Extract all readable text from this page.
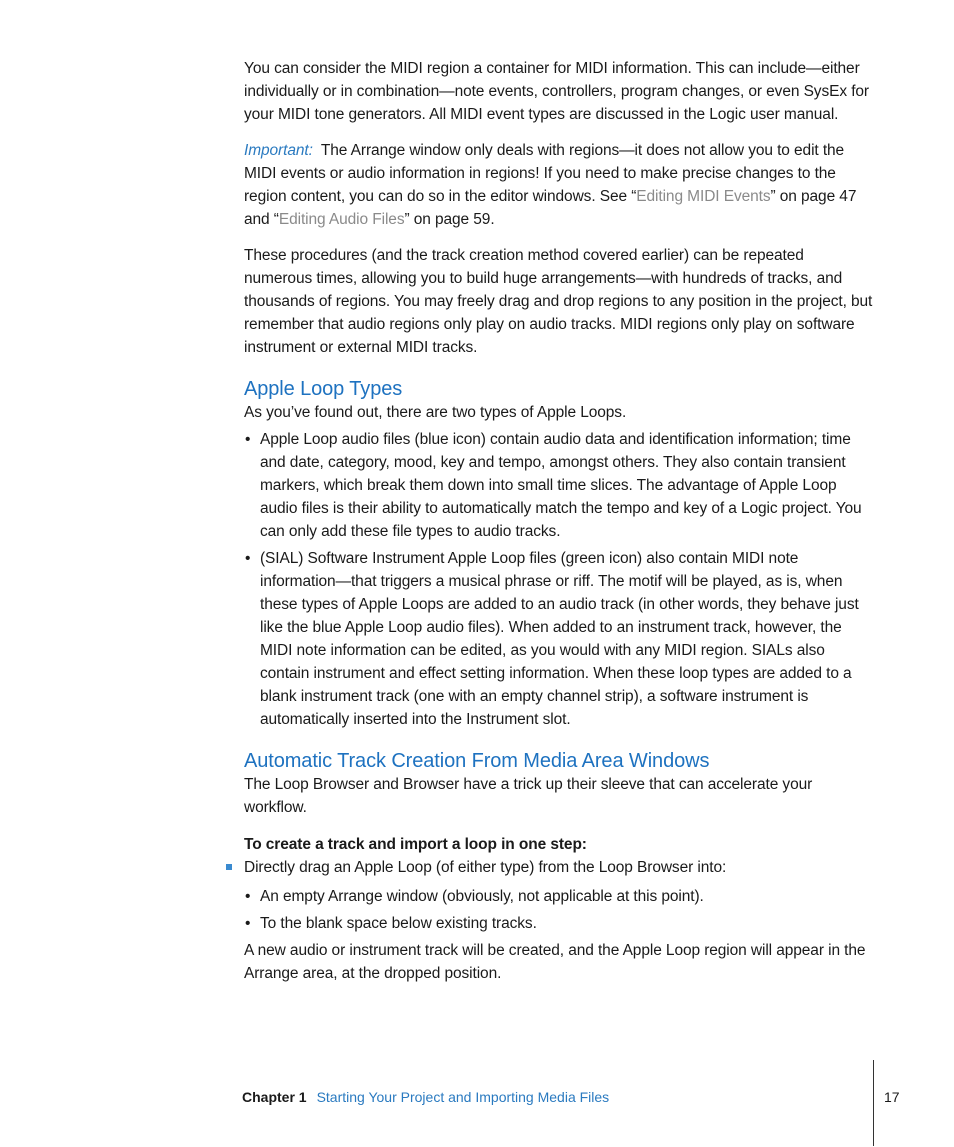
You can consider the MIDI region a container for MIDI information. This can include—either individually or in combination—note events, controllers, program changes, or even SysEx for your MIDI tone generators. All MIDI event types are discussed in the Logic user manual.

Important: The Arrange window only deals with regions—it does not allow you to edit the MIDI events or audio information in regions! If you need to make precise changes to the region content, you can do so in the editor windows. See “Editing MIDI Events” on page 47 and “Editing Audio Files” on page 59.

These procedures (and the track creation method covered earlier) can be repeated numerous times, allowing you to build huge arrangements—with hundreds of tracks, and thousands of regions. You may freely drag and drop regions to any position in the project, but remember that audio regions only play on audio tracks. MIDI regions only play on software instrument or external MIDI tracks.

Apple Loop Types

As you’ve found out, there are two types of Apple Loops.

• Apple Loop audio files (blue icon) contain audio data and identification information; time and date, category, mood, key and tempo, amongst others. They also contain transient markers, which break them down into small time slices. The advantage of Apple Loop audio files is their ability to automatically match the tempo and key of a Logic project. You can only add these file types to audio tracks.
• (SIAL) Software Instrument Apple Loop files (green icon) also contain MIDI note information—that triggers a musical phrase or riff. The motif will be played, as is, when these types of Apple Loops are added to an audio track (in other words, they behave just like the blue Apple Loop audio files). When added to an instrument track, however, the MIDI note information can be edited, as you would with any MIDI region. SIALs also contain instrument and effect setting information. When these loop types are added to a blank instrument track (one with an empty channel strip), a software instrument is automatically inserted into the Instrument slot.
Automatic Track Creation From Media Area Windows

The Loop Browser and Browser have a trick up their sleeve that can accelerate your workflow.

To create a track and import a loop in one step:

Directly drag an Apple Loop (of either type) from the Loop Browser into:

• An empty Arrange window (obviously, not applicable at this point).
• To the blank space below existing tracks.

A new audio or instrument track will be created, and the Apple Loop region will appear in the Arrange area, at the dropped position.

Chapter 1 Starting Your Project and Importing Media Files	17
